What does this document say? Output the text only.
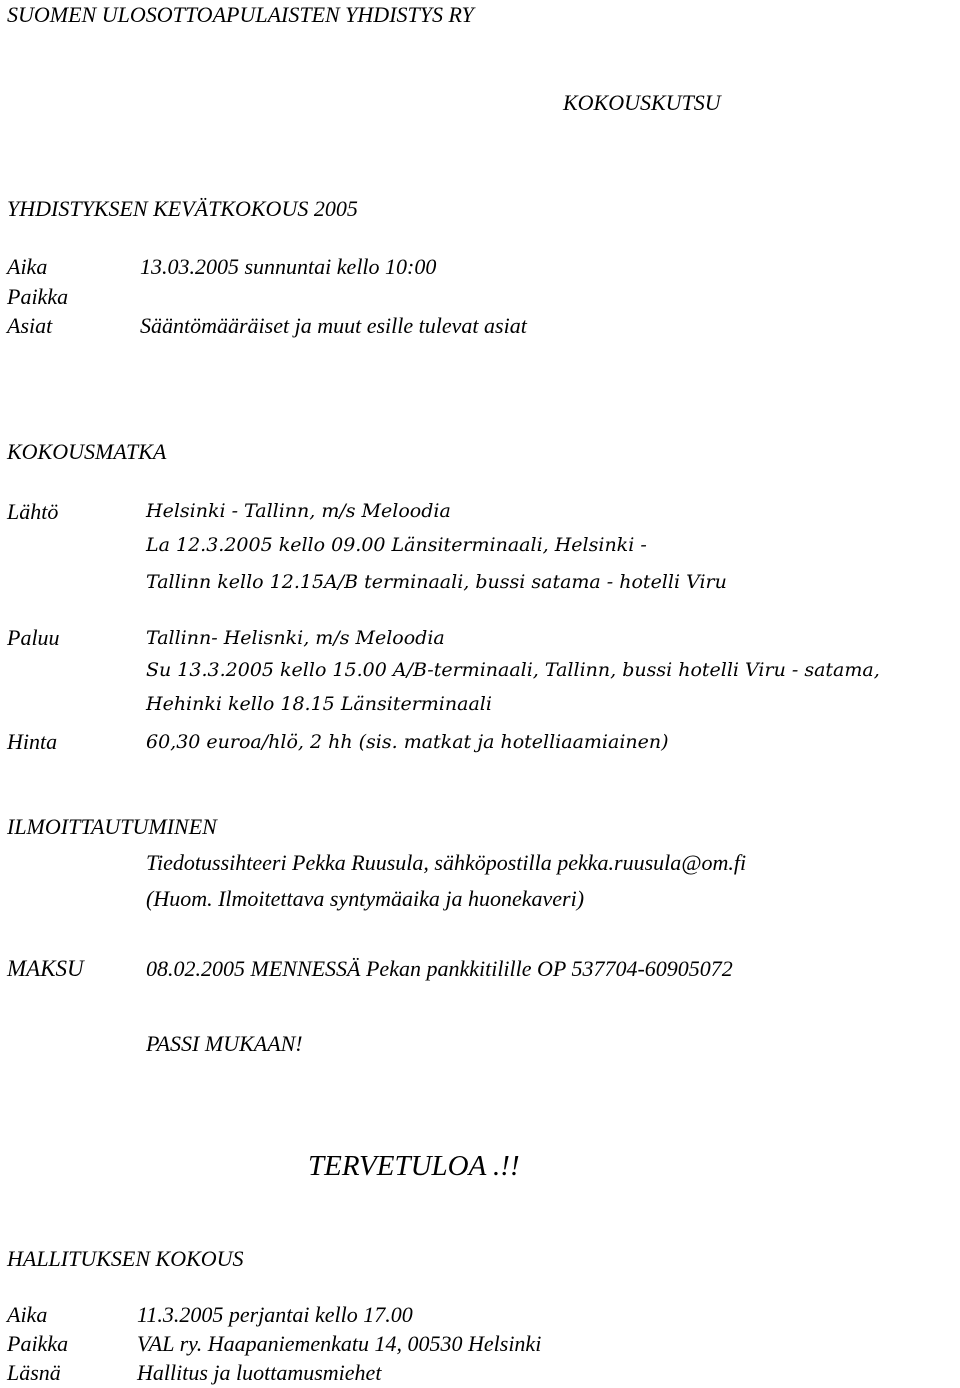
SUOMEN ULOSOTTOAPULAISTEN YHDISTYS RY
KOKOUSKUTSU
YHDISTYKSEN KEVÄTKOKOUS 2005
Aika	13.03.2005 sunnuntai kello 10:00
Paikka
Asiat	Sääntömääräiset ja muut esille tulevat asiat
KOKOUSMATKA
Lähtö	Helsinki - Tallinn, m/s Meloodia
La 12.3.2005 kello 09.00 Länsiterminaali, Helsinki -
Tallinn kello 12.15A/B terminaali, bussi satama - hotelli Viru
Paluu	Tallinn- Helisnki, m/s Meloodia
Su 13.3.2005 kello 15.00 A/B-terminaali, Tallinn, bussi hotelli Viru - satama,
Hehinki kello 18.15 Länsiterminaali
Hinta	60,30 euroa/hlö, 2 hh (sis. matkat ja hotelliaamiainen)
ILMOITTAUTUMINEN
Tiedotussihteeri Pekka Ruusula, sähköpostilla pekka.ruusula@om.fi
(Huom. Ilmoitettava syntymäaika ja huonekaveri)
MAKSU	08.02.2005 MENNESSÄ Pekan pankkitilille OP 537704-60905072
PASSI MUKAAN!
TERVETULOA .!!
HALLITUKSEN KOKOUS
Aika	11.3.2005 perjantai kello 17.00
Paikka	VAL ry. Haapaniemenkatu 14, 00530 Helsinki
Läsnä	Hallitus ja luottamusmiehet
